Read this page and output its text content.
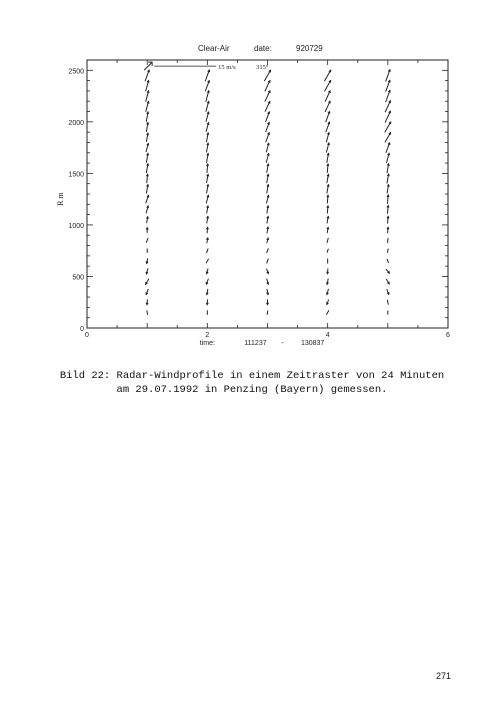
Clear-Air	date:	920729
15 m/s	315°
0
500
1000
1500
2000
2500
0	2	4	6
R m
time:	111237 - 130837
Bild 22: Radar-Windprofile in einem Zeitraster von 24 Minuten
am 29.07.1992 in Penzing (Bayern) gemessen.
271
